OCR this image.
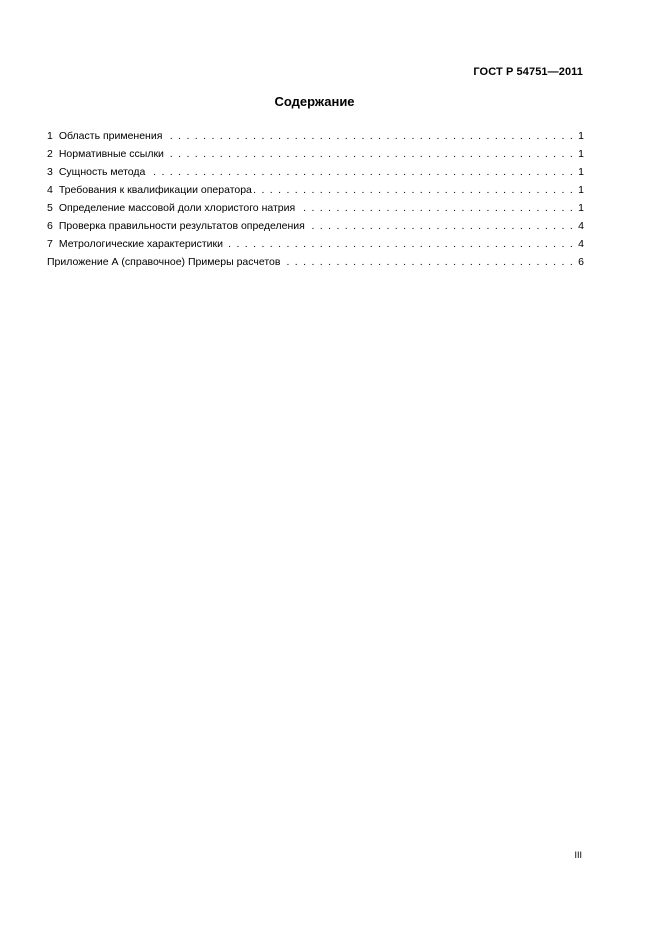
ГОСТ Р 54751—2011
Содержание
1 Область применения . . .	1
2 Нормативные ссылки . . .	1
3 Сущность метода . . .	1
4 Требования к квалификации оператора . . .	1
5 Определение массовой доли хлористого натрия . . .	1
6 Проверка правильности результатов определения . . .	4
7 Метрологические характеристики . . .	4
Приложение А (справочное) Примеры расчетов . . .	6
III
